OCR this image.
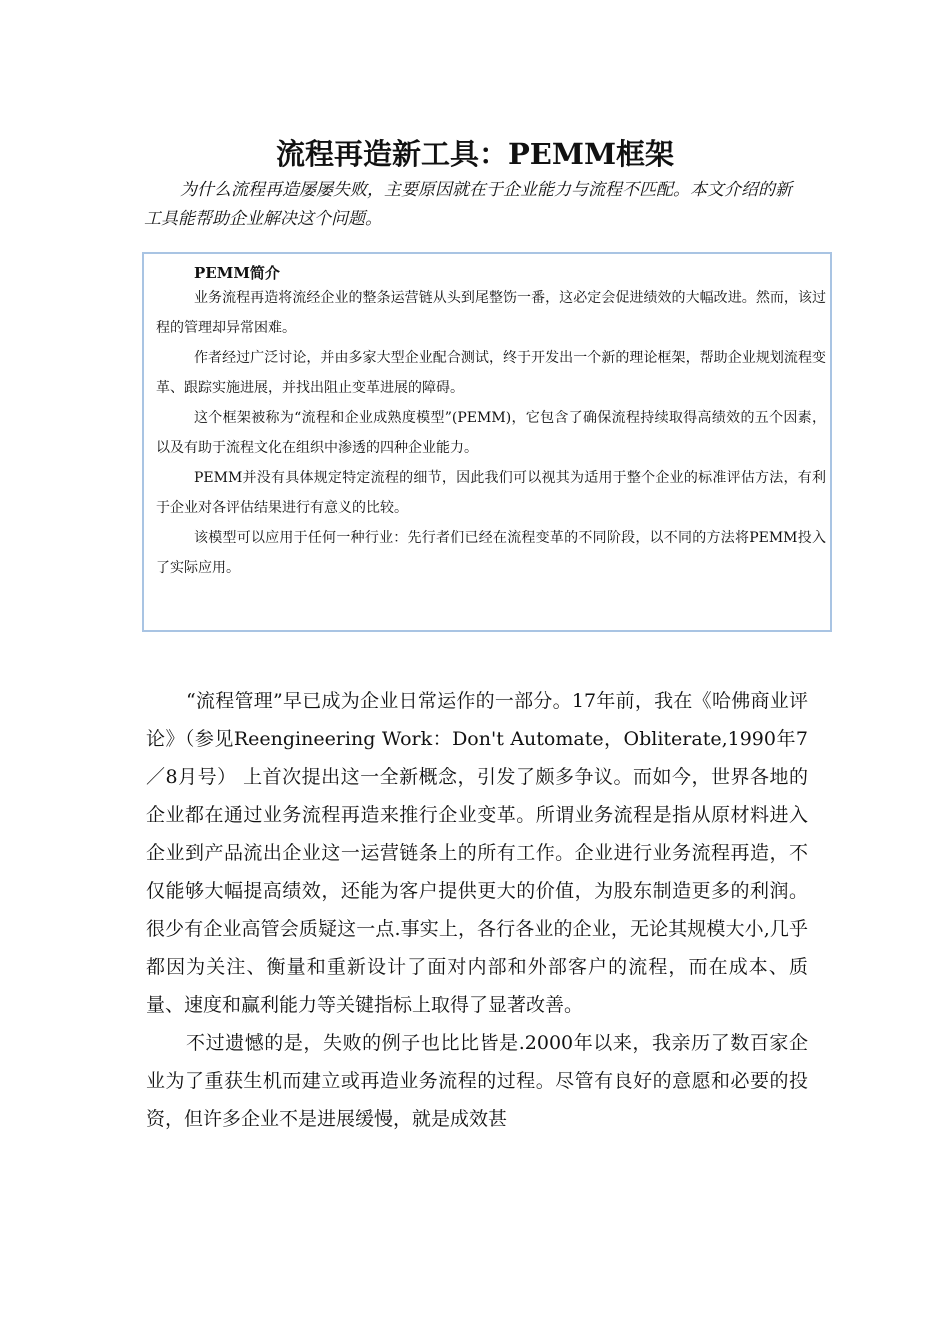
流程再造新工具：PEMM框架
为什么流程再造屡屡失败，主要原因就在于企业能力与流程不匹配。本文介绍的新工具能帮助企业解决这个问题。
PEMM简介

业务流程再造将流经企业的整条运营链从头到尾整饬一番，这必定会促进绩效的大幅改进。然而，该过程的管理却异常困难。

作者经过广泛讨论，并由多家大型企业配合测试，终于开发出一个新的理论框架，帮助企业规划流程变革、跟踪实施进展，并找出阻止变革进展的障碍。

这个框架被称为“流程和企业成熟度模型”(PEMM)，它包含了确保流程持续取得高绩效的五个因素，以及有助于流程文化在组织中渗透的四种企业能力。

PEMM并没有具体规定特定流程的细节，因此我们可以视其为适用于整个企业的标准评估方法，有利于企业对各评估结果进行有意义的比较。

该模型可以应用于任何一种行业：先行者们已经在流程变革的不同阶段，以不同的方法将PEMM投入了实际应用。

“流程管理”早已成为企业日常运作的一部分。17年前，我在《哈佛商业评论》（参见Reengineering Work：Don't Automate，Obliterate,1990年7／8月号） 上首次提出这一全新概念，引发了颇多争议。而如今，世界各地的企业都在通过业务流程再造来推行企业变革。所谓业务流程是指从原材料进入企业到产品流出企业这一运营链条上的所有工作。企业进行业务流程再造，不仅能够大幅提高绩效，还能为客户提供更大的价值，为股东制造更多的利润。很少有企业高管会质疑这一点.事实上，各行各业的企业，无论其规模大小,几乎都因为关注、衡量和重新设计了面对内部和外部客户的流程，而在成本、质量、速度和赢利能力等关键指标上取得了显著改善。

不过遗憾的是，失败的例子也比比皆是.2000年以来，我亲历了数百家企业为了重获生机而建立或再造业务流程的过程。尽管有良好的意愿和必要的投资，但许多企业不是进展缓慢，就是成效甚
